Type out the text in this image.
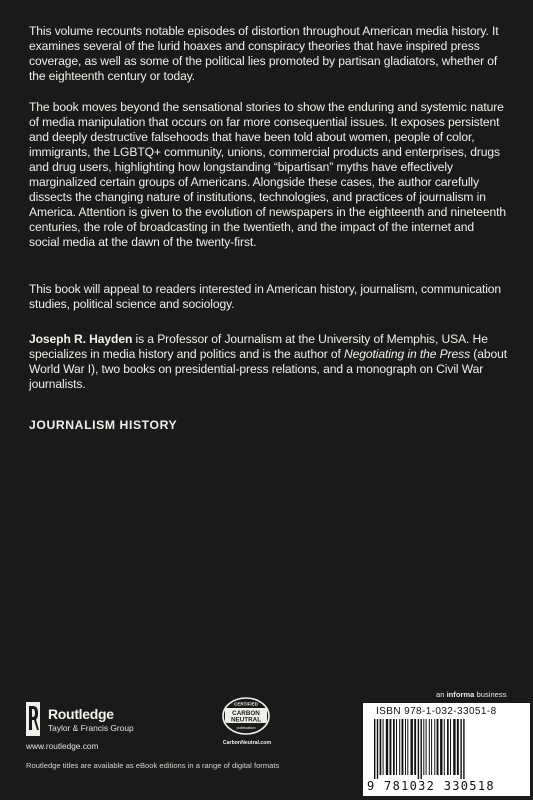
This volume recounts notable episodes of distortion throughout American media history. It examines several of the lurid hoaxes and conspiracy theories that have inspired press coverage, as well as some of the political lies promoted by partisan gladiators, whether of the eighteenth century or today.

The book moves beyond the sensational stories to show the enduring and systemic nature of media manipulation that occurs on far more consequential issues. It exposes persistent and deeply destructive falsehoods that have been told about women, people of color, immigrants, the LGBTQ+ community, unions, commercial products and enterprises, drugs and drug users, highlighting how longstanding “bipartisan” myths have effectively marginalized certain groups of Americans. Alongside these cases, the author carefully dissects the changing nature of institutions, technologies, and practices of journalism in America. Attention is given to the evolution of newspapers in the eighteenth and nineteenth centuries, the role of broadcasting in the twentieth, and the impact of the internet and social media at the dawn of the twenty-first.

This book will appeal to readers interested in American history, journalism, communication studies, political science and sociology.

Joseph R. Hayden is a Professor of Journalism at the University of Memphis, USA. He specializes in media history and politics and is the author of Negotiating in the Press (about World War I), two books on presidential-press relations, and a monograph on Civil War journalists.

JOURNALISM HISTORY
Routledge
Taylor & Francis Group
www.routledge.com
Routledge titles are available as eBook editions in a range of digital formats
CERTIFIED
CARBON
NEUTRAL
publication
CarbonNeutral.com
an informa business
ISBN 978-1-032-33051-8
9 781032 330518
